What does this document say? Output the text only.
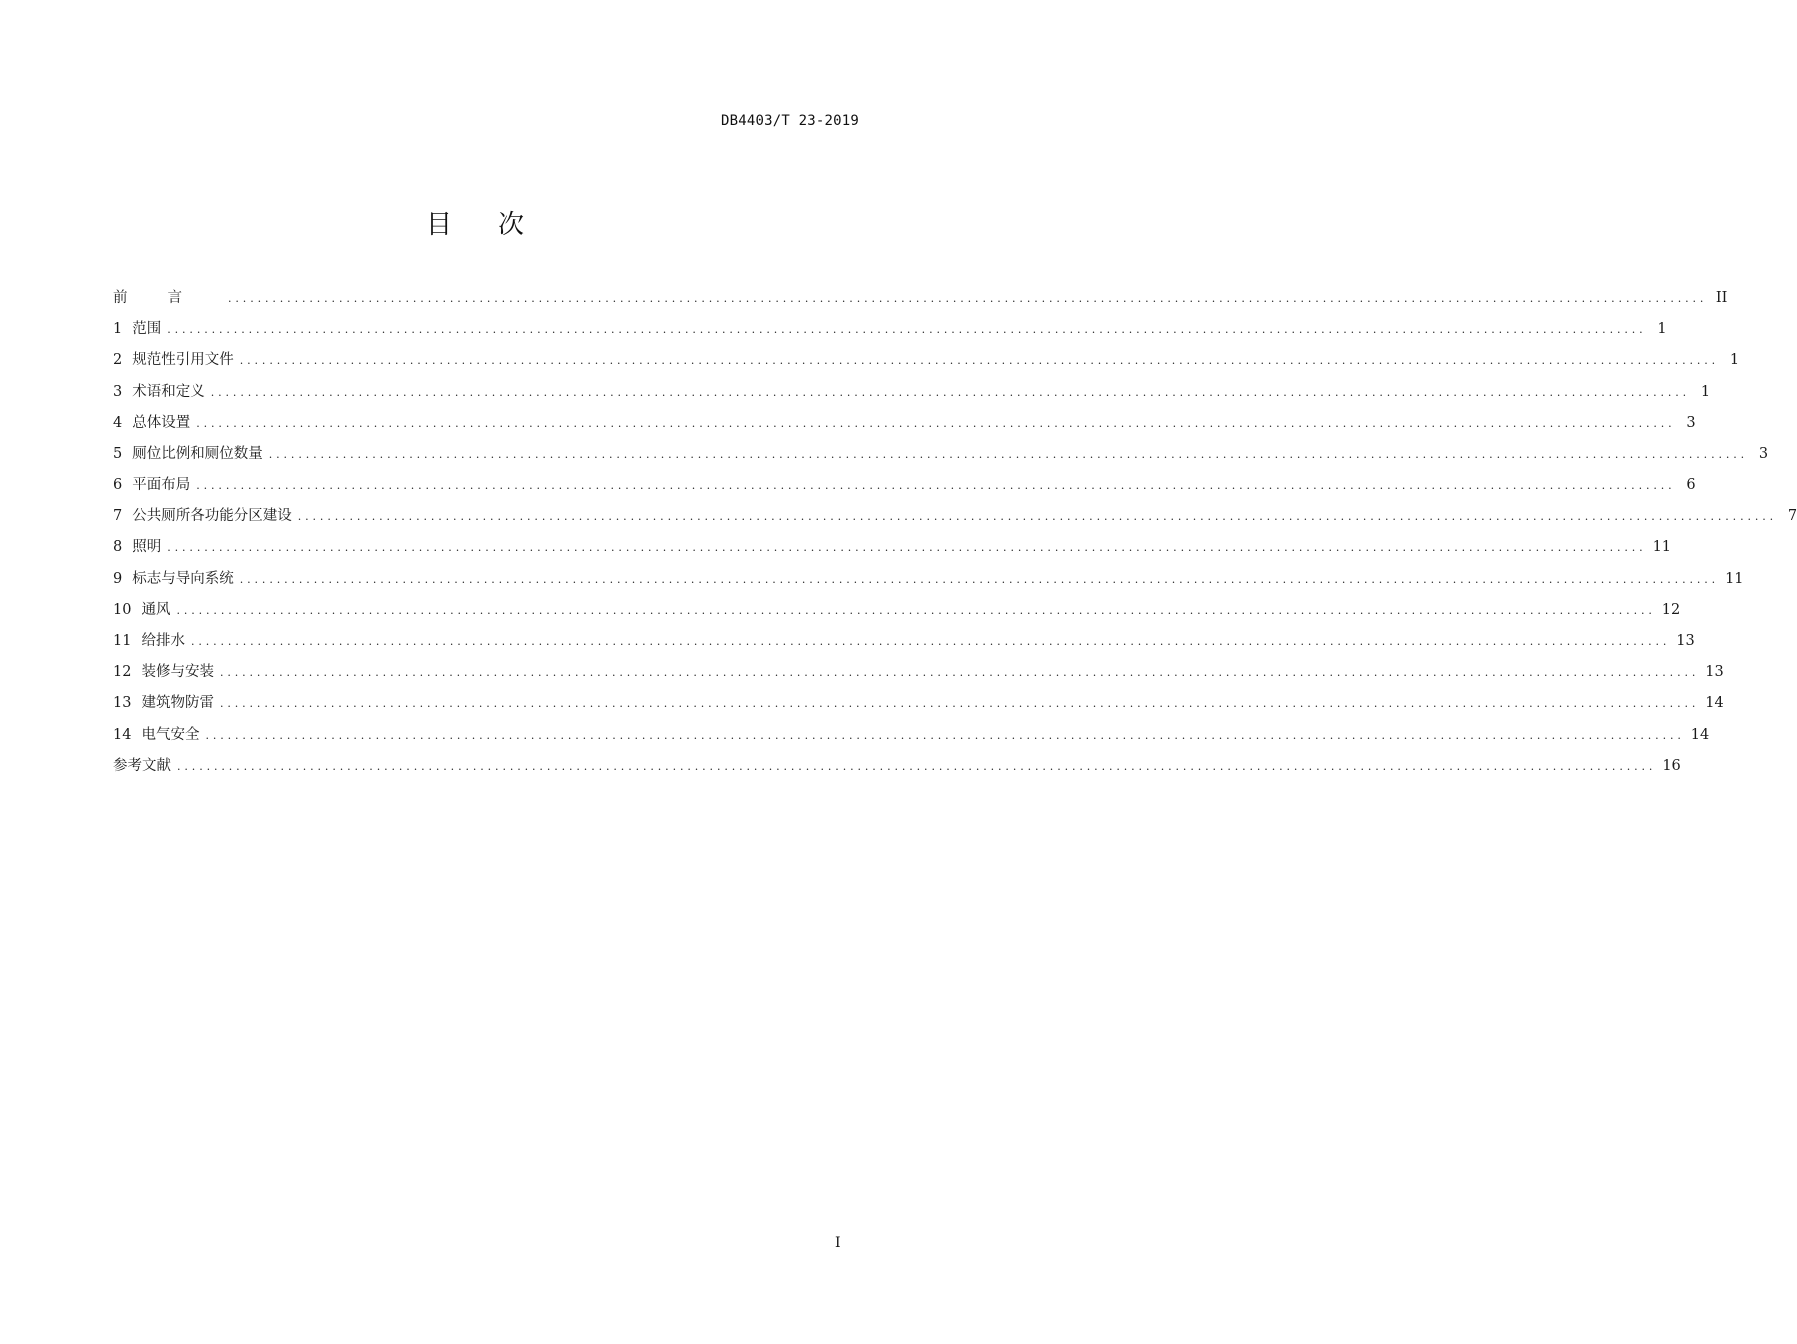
DB4403/T 23-2019
目次
前言 ........................................................................................................................................................................................................ II
1 范围 ........................................................................................................................................................................................................ 1
2 规范性引用文件 ........................................................................................................................................................................................................ 1
3 术语和定义 ........................................................................................................................................................................................................ 1
4 总体设置 ........................................................................................................................................................................................................ 3
5 厕位比例和厕位数量 ........................................................................................................................................................................................................ 3
6 平面布局 ........................................................................................................................................................................................................ 6
7 公共厕所各功能分区建设 ........................................................................................................................................................................................................ 7
8 照明 ........................................................................................................................................................................................................ 11
9 标志与导向系统 ........................................................................................................................................................................................................ 11
10 通风 ........................................................................................................................................................................................................ 12
11 给排水 ........................................................................................................................................................................................................ 13
12 装修与安装 ........................................................................................................................................................................................................ 13
13 建筑物防雷 ........................................................................................................................................................................................................ 14
14 电气安全 ........................................................................................................................................................................................................ 14
参考文献 ........................................................................................................................................................................................................ 16
I
